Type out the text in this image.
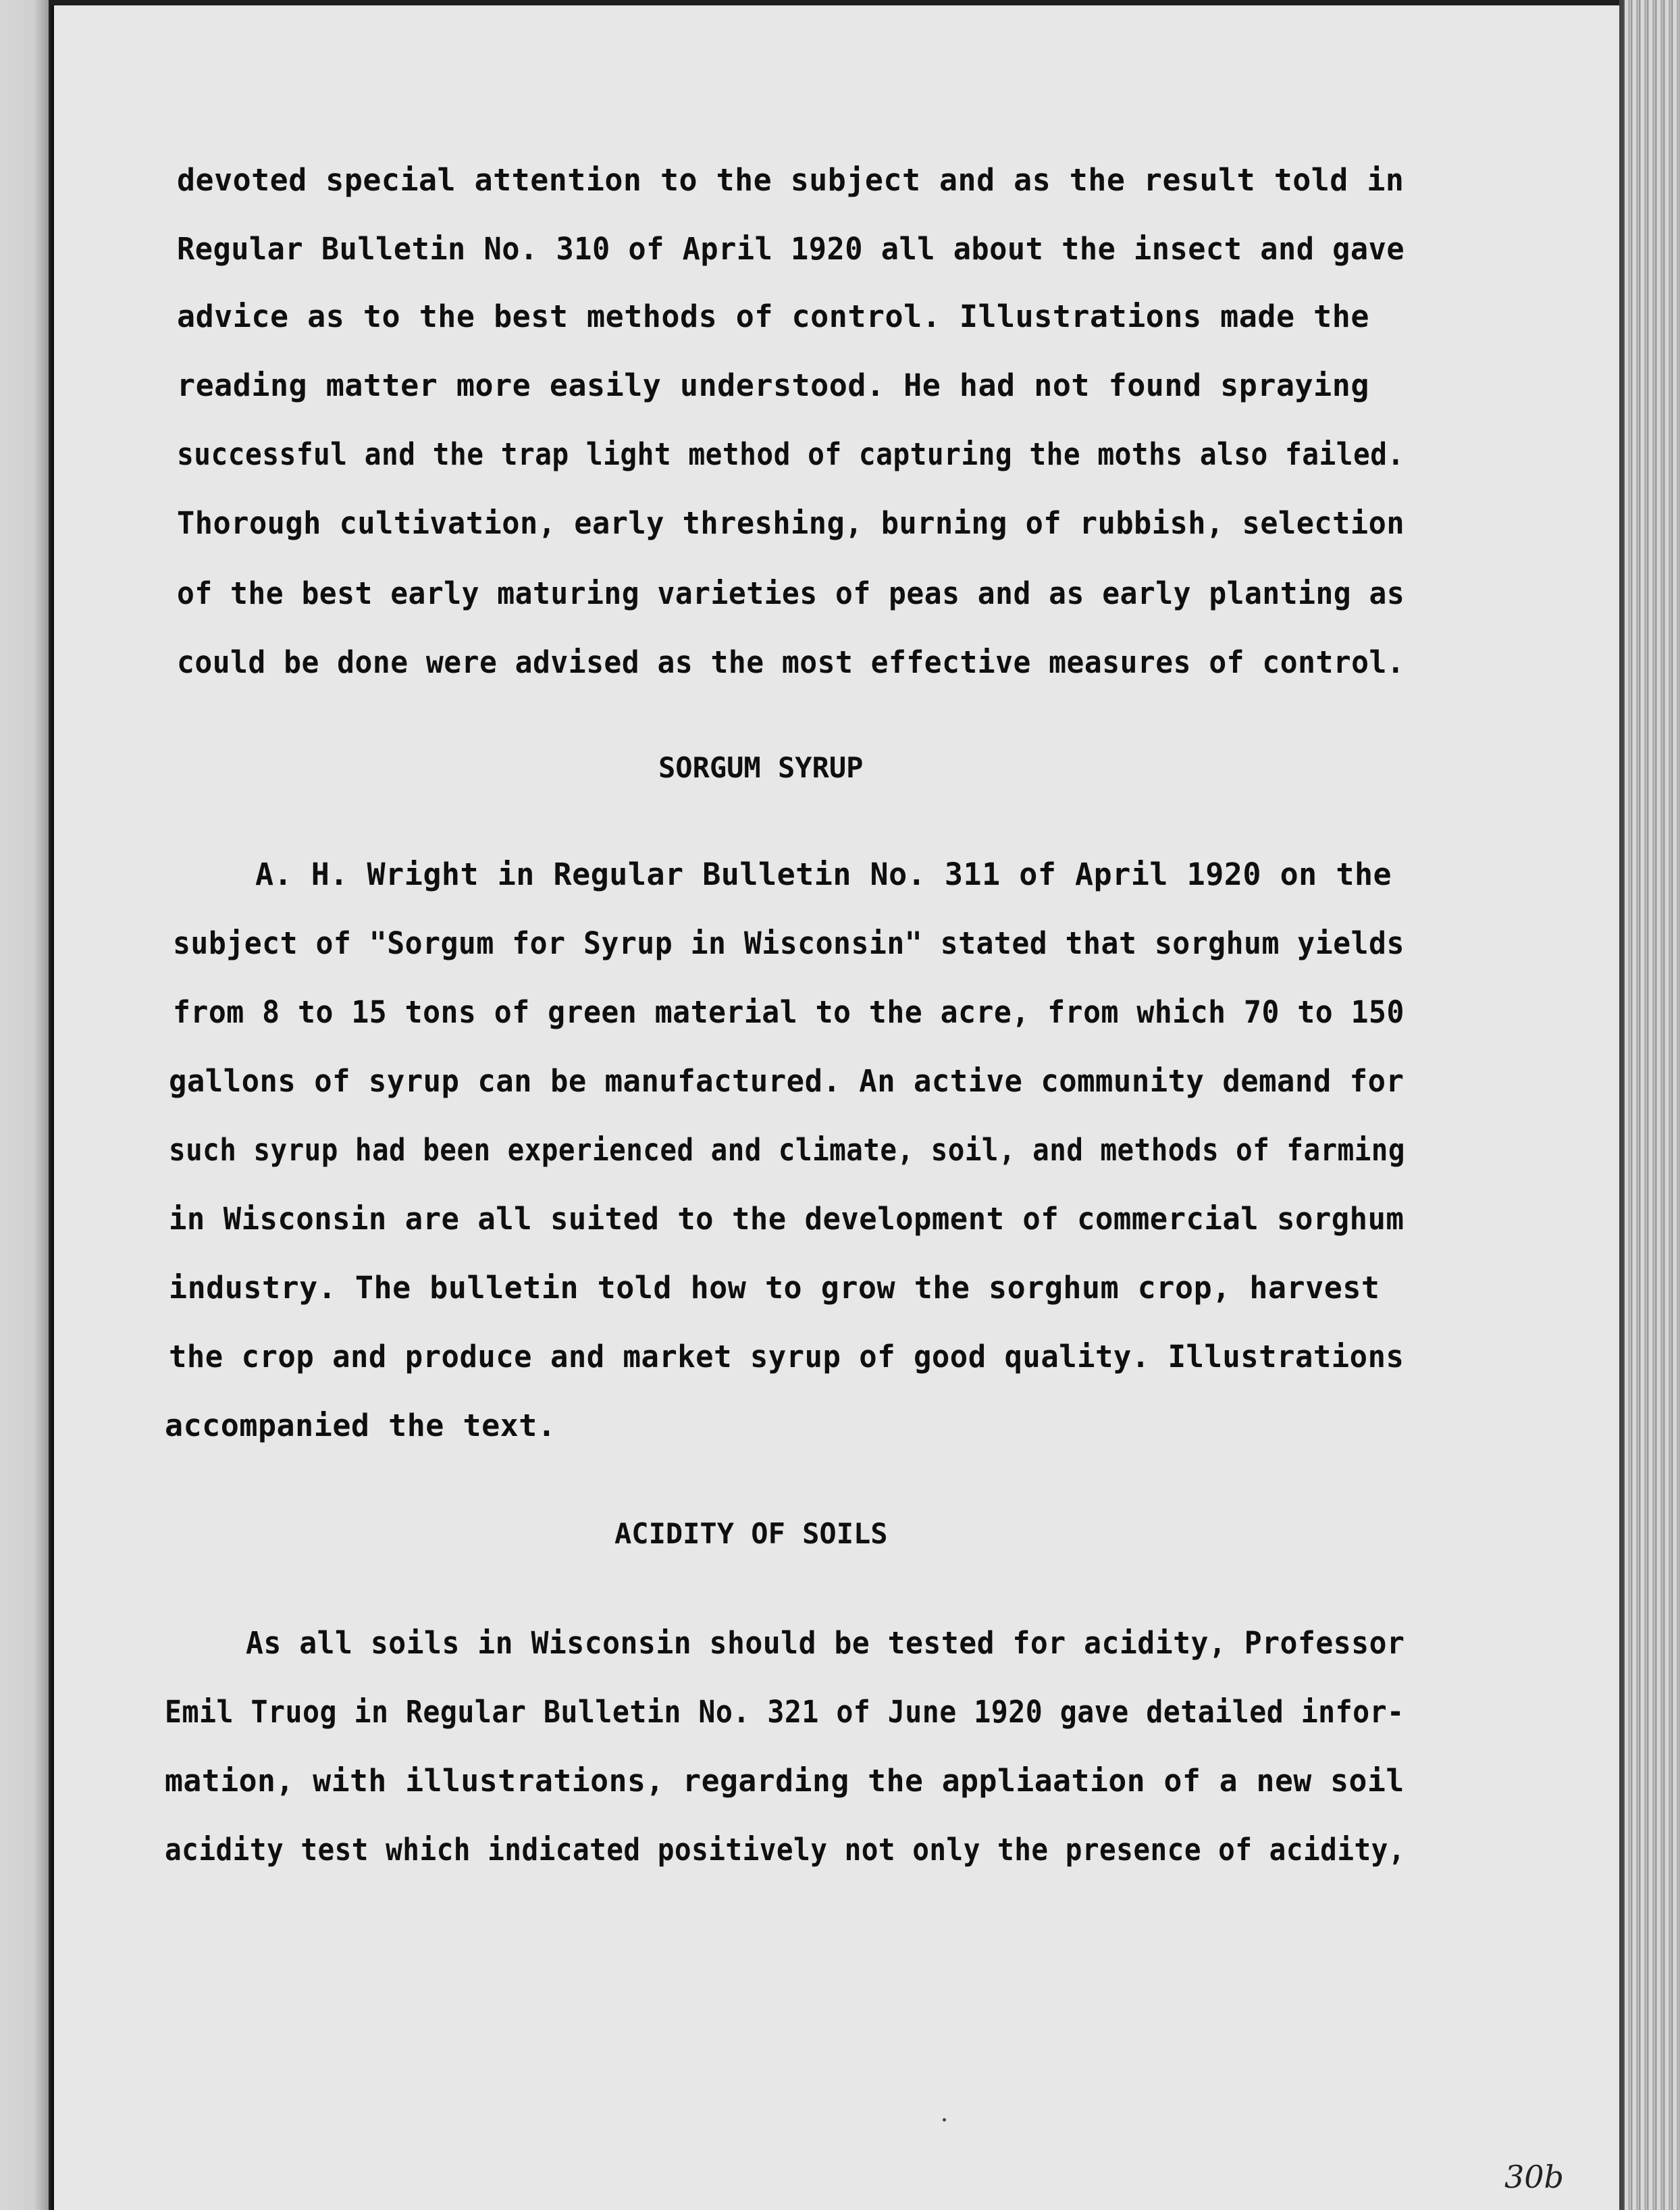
devoted special attention to the subject and as the result told in

Regular Bulletin No. 310 of April 1920 all about the insect and gave

advice as to the best methods of control. Illustrations made the

reading matter more easily understood. He had not found spraying

successful and the trap light method of capturing the moths also failed.

Thorough cultivation, early threshing, burning of rubbish, selection

of the best early maturing varieties of peas and as early planting as

could be done were advised as the most effective measures of control.

SORGUM SYRUP

A. H. Wright in Regular Bulletin No. 311 of April 1920 on the

subject of "Sorgum for Syrup in Wisconsin" stated that sorghum yields

from 8 to 15 tons of green material to the acre, from which 70 to 150

gallons of syrup can be manufactured. An active community demand for

such syrup had been experienced and climate, soil, and methods of farming

in Wisconsin are all suited to the development of commercial sorghum

industry. The bulletin told how to grow the sorghum crop, harvest

the crop and produce and market syrup of good quality. Illustrations

accompanied the text.

ACIDITY OF SOILS

As all soils in Wisconsin should be tested for acidity, Professor

Emil Truog in Regular Bulletin No. 321 of June 1920 gave detailed infor-

mation, with illustrations, regarding the appliaation of a new soil

acidity test which indicated positively not only the presence of acidity,

30b
